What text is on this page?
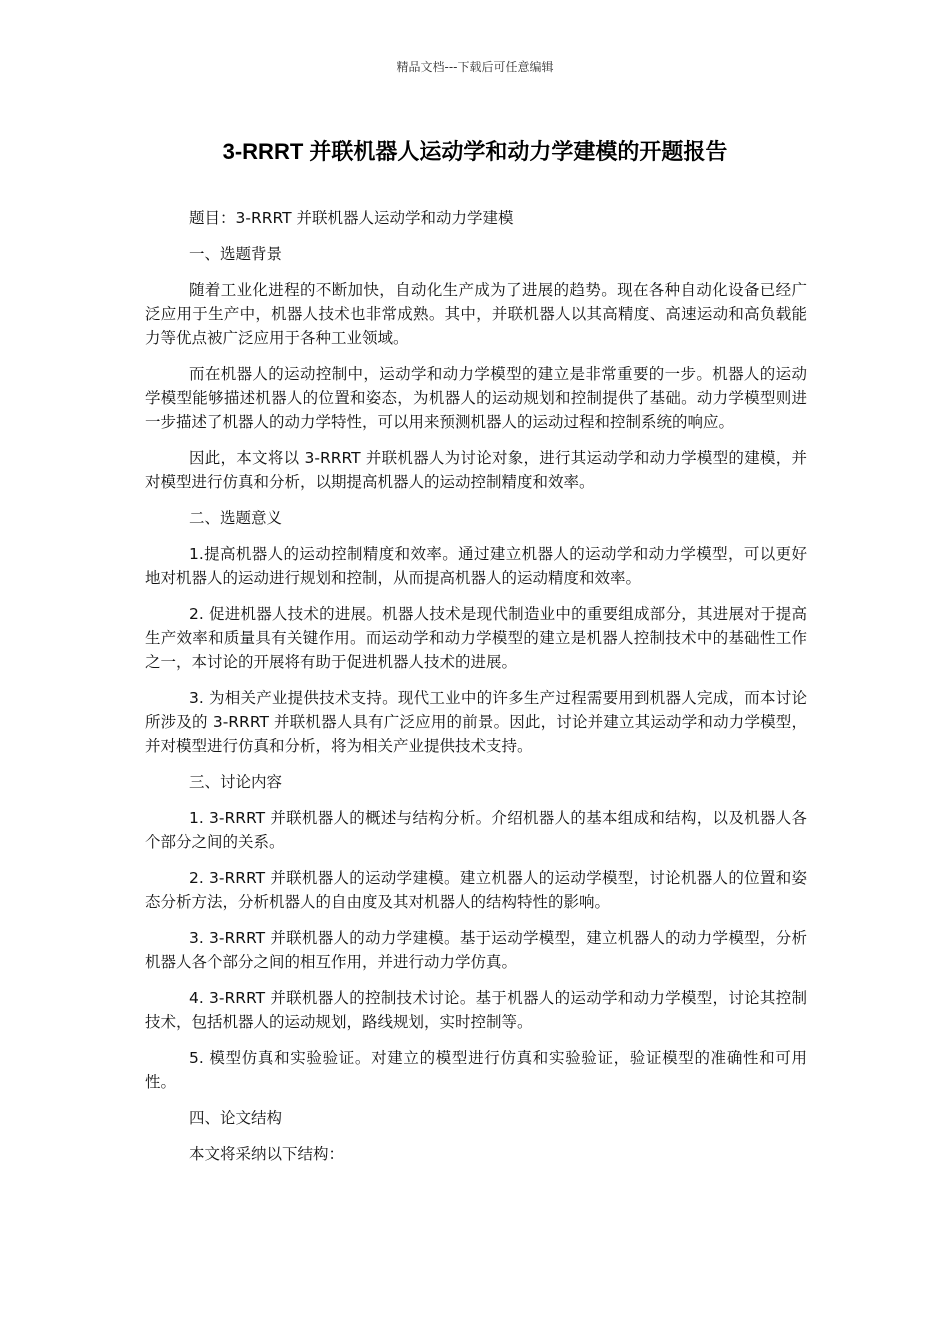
精品文档---下载后可任意编辑
3-RRRT 并联机器人运动学和动力学建模的开题报告

题目：3-RRRT 并联机器人运动学和动力学建模

一、选题背景

随着工业化进程的不断加快，自动化生产成为了进展的趋势。现在各种自动化设备已经广泛应用于生产中，机器人技术也非常成熟。其中，并联机器人以其高精度、高速运动和高负载能力等优点被广泛应用于各种工业领域。

而在机器人的运动控制中，运动学和动力学模型的建立是非常重要的一步。机器人的运动学模型能够描述机器人的位置和姿态，为机器人的运动规划和控制提供了基础。动力学模型则进一步描述了机器人的动力学特性，可以用来预测机器人的运动过程和控制系统的响应。

因此，本文将以 3-RRRT 并联机器人为讨论对象，进行其运动学和动力学模型的建模，并对模型进行仿真和分析，以期提高机器人的运动控制精度和效率。

二、选题意义

1.提高机器人的运动控制精度和效率。通过建立机器人的运动学和动力学模型，可以更好地对机器人的运动进行规划和控制，从而提高机器人的运动精度和效率。

2. 促进机器人技术的进展。机器人技术是现代制造业中的重要组成部分，其进展对于提高生产效率和质量具有关键作用。而运动学和动力学模型的建立是机器人控制技术中的基础性工作之一，本讨论的开展将有助于促进机器人技术的进展。

3. 为相关产业提供技术支持。现代工业中的许多生产过程需要用到机器人完成，而本讨论所涉及的 3-RRRT 并联机器人具有广泛应用的前景。因此，讨论并建立其运动学和动力学模型，并对模型进行仿真和分析，将为相关产业提供技术支持。

三、讨论内容

1. 3-RRRT 并联机器人的概述与结构分析。介绍机器人的基本组成和结构，以及机器人各个部分之间的关系。

2. 3-RRRT 并联机器人的运动学建模。建立机器人的运动学模型，讨论机器人的位置和姿态分析方法，分析机器人的自由度及其对机器人的结构特性的影响。

3. 3-RRRT 并联机器人的动力学建模。基于运动学模型，建立机器人的动力学模型，分析机器人各个部分之间的相互作用，并进行动力学仿真。

4. 3-RRRT 并联机器人的控制技术讨论。基于机器人的运动学和动力学模型，讨论其控制技术，包括机器人的运动规划，路线规划，实时控制等。

5. 模型仿真和实验验证。对建立的模型进行仿真和实验验证，验证模型的准确性和可用性。

四、论文结构

本文将采纳以下结构：
